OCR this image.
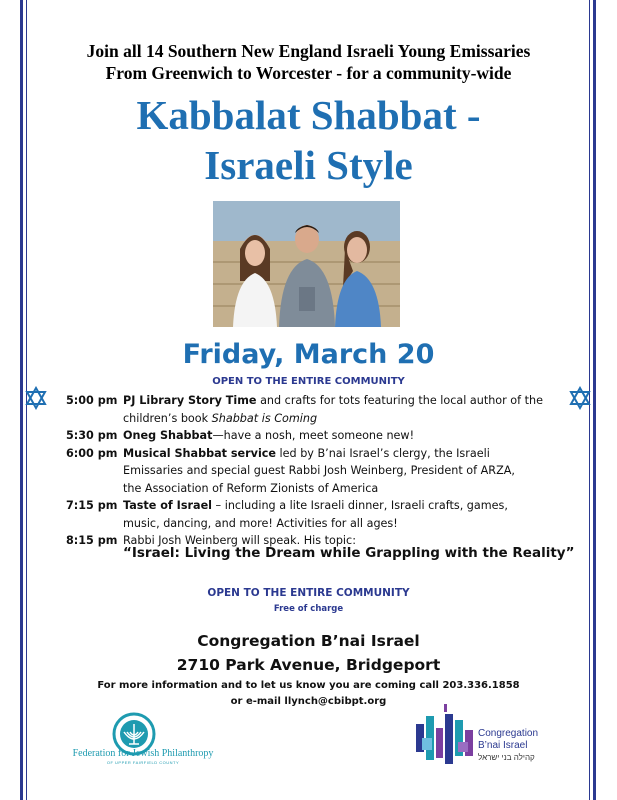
Join all 14 Southern New England Israeli Young Emissaries
From Greenwich to Worcester - for a community-wide
Kabbalat Shabbat -
Israeli Style
Friday, March 20
OPEN TO THE ENTIRE COMMUNITY
5:00 pm PJ Library Story Time and crafts for tots featuring the local author of the
children’s book Shabbat is Coming
5:30 pm Oneg Shabbat—have a nosh, meet someone new!
6:00 pm Musical Shabbat service led by B’nai Israel’s clergy, the Israeli
Emissaries and special guest Rabbi Josh Weinberg, President of ARZA,
the Association of Reform Zionists of America
7:15 pm Taste of Israel – including a lite Israeli dinner, Israeli crafts, games,
music, dancing, and more! Activities for all ages!
8:15 pm Rabbi Josh Weinberg will speak. His topic:
“Israel: Living the Dream while Grappling with the Reality”
OPEN TO THE ENTIRE COMMUNITY
Free of charge
Congregation B’nai Israel
2710 Park Avenue, Bridgeport
For more information and to let us know you are coming call 203.336.1858
or e-mail llynch@cbibpt.org
Federation for Jewish Philanthropy
OF UPPER FAIRFIELD COUNTY
Congregation
B’nai Israel
קהילה בני ישראל
